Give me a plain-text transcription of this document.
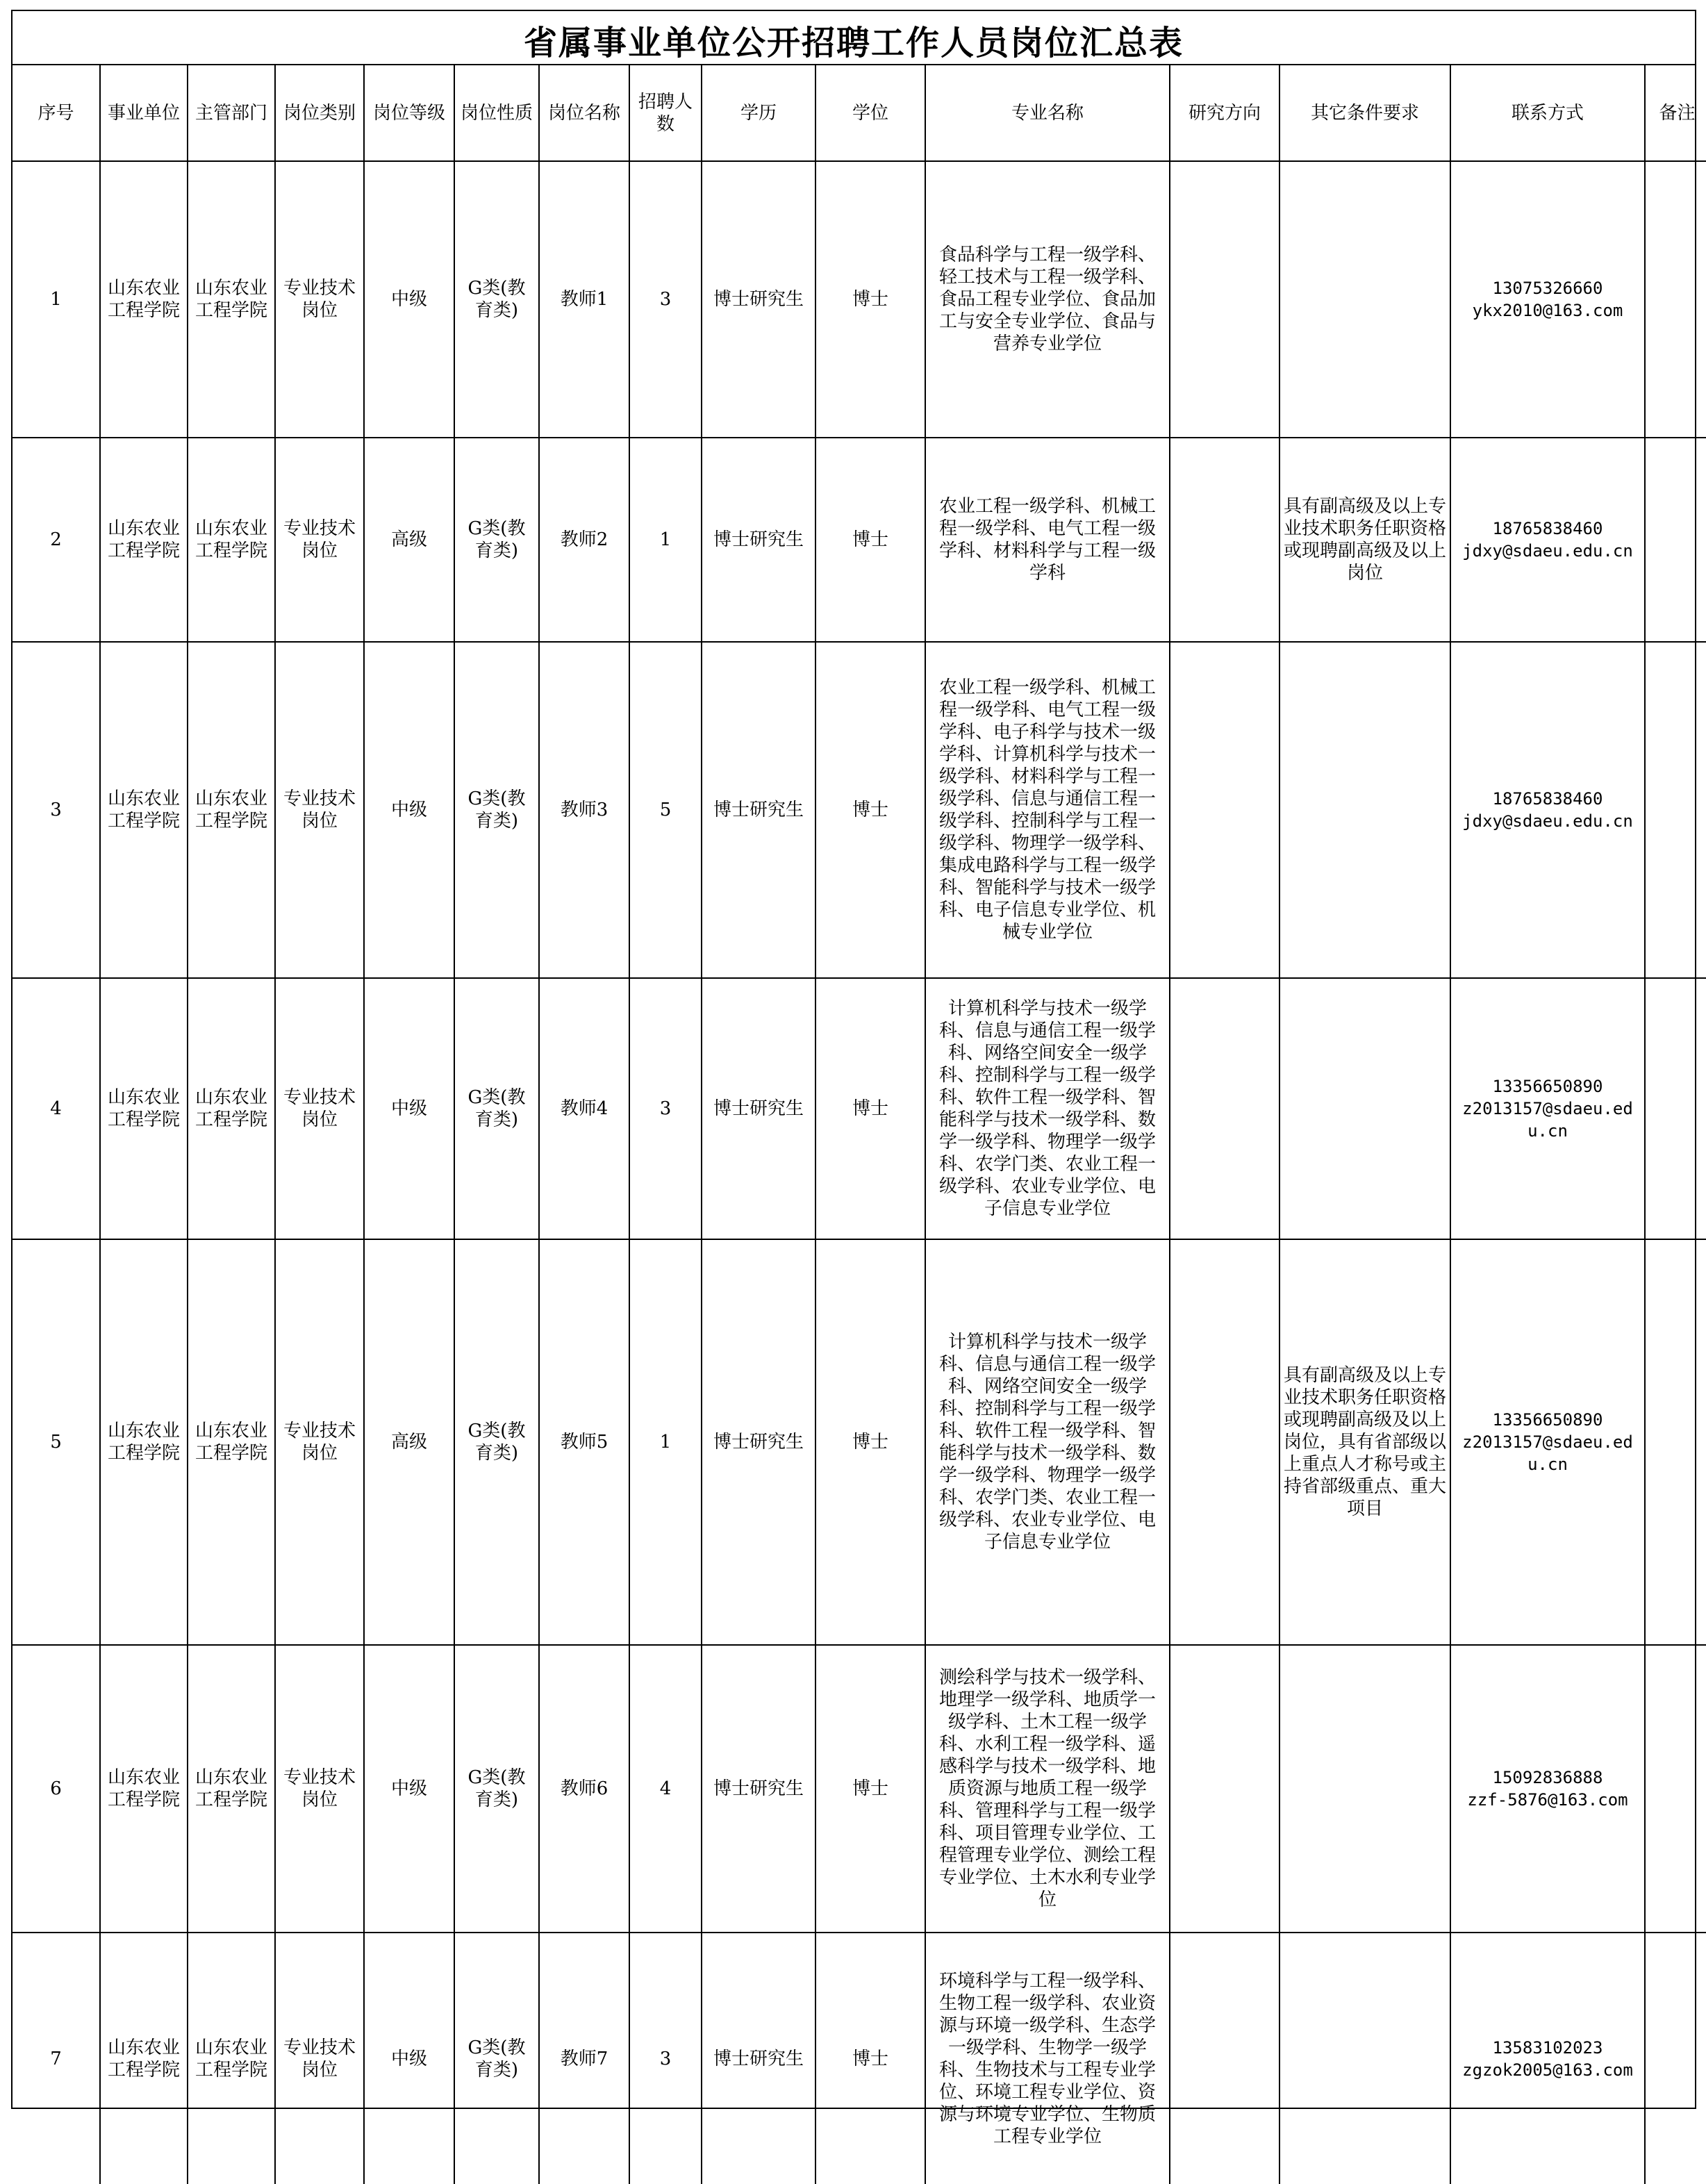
省属事业单位公开招聘工作人员岗位汇总表
序号	事业单位	主管部门	岗位类别	岗位等级	岗位性质	岗位名称	招聘人数	学历	学位	专业名称	研究方向	其它条件要求	联系方式	备注
1	山东农业工程学院	山东农业工程学院	专业技术岗位	中级	G类(教育类)	教师1	3	博士研究生	博士	食品科学与工程一级学科、轻工技术与工程一级学科、食品工程专业学位、食品加工与安全专业学位、食品与营养专业学位			13075326660
ykx2010@163.com	

2	山东农业工程学院	山东农业工程学院	专业技术岗位	高级	G类(教育类)	教师2	1	博士研究生	博士	农业工程一级学科、机械工程一级学科、电气工程一级学科、材料科学与工程一级学科		具有副高级及以上专业技术职务任职资格或现聘副高级及以上岗位	18765838460
jdxy@sdaeu.edu.cn	

3	山东农业工程学院	山东农业工程学院	专业技术岗位	中级	G类(教育类)	教师3	5	博士研究生	博士	农业工程一级学科、机械工程一级学科、电气工程一级学科、电子科学与技术一级学科、计算机科学与技术一级学科、材料科学与工程一级学科、信息与通信工程一级学科、控制科学与工程一级学科、物理学一级学科、集成电路科学与工程一级学科、智能科学与技术一级学科、电子信息专业学位、机械专业学位			18765838460
jdxy@sdaeu.edu.cn	

4	山东农业工程学院	山东农业工程学院	专业技术岗位	中级	G类(教育类)	教师4	3	博士研究生	博士	计算机科学与技术一级学科、信息与通信工程一级学科、网络空间安全一级学科、控制科学与工程一级学科、软件工程一级学科、智能科学与技术一级学科、数学一级学科、物理学一级学科、农学门类、农业工程一级学科、农业专业学位、电子信息专业学位			13356650890
z2013157@sdaeu.edu.cn	

5	山东农业工程学院	山东农业工程学院	专业技术岗位	高级	G类(教育类)	教师5	1	博士研究生	博士	计算机科学与技术一级学科、信息与通信工程一级学科、网络空间安全一级学科、控制科学与工程一级学科、软件工程一级学科、智能科学与技术一级学科、数学一级学科、物理学一级学科、农学门类、农业工程一级学科、农业专业学位、电子信息专业学位		具有副高级及以上专业技术职务任职资格或现聘副高级及以上岗位，具有省部级以上重点人才称号或主持省部级重点、重大项目	13356650890
z2013157@sdaeu.edu.cn	

6	山东农业工程学院	山东农业工程学院	专业技术岗位	中级	G类(教育类)	教师6	4	博士研究生	博士	测绘科学与技术一级学科、地理学一级学科、地质学一级学科、土木工程一级学科、水利工程一级学科、遥感科学与技术一级学科、地质资源与地质工程一级学科、管理科学与工程一级学科、项目管理专业学位、工程管理专业学位、测绘工程专业学位、土木水利专业学位			15092836888
zzf-5876@163.com	

7	山东农业工程学院	山东农业工程学院	专业技术岗位	中级	G类(教育类)	教师7	3	博士研究生	博士	环境科学与工程一级学科、生物工程一级学科、农业资源与环境一级学科、生态学一级学科、生物学一级学科、生物技术与工程专业学位、环境工程专业学位、资源与环境专业学位、生物质工程专业学位			13583102023
zgzok2005@163.com	
